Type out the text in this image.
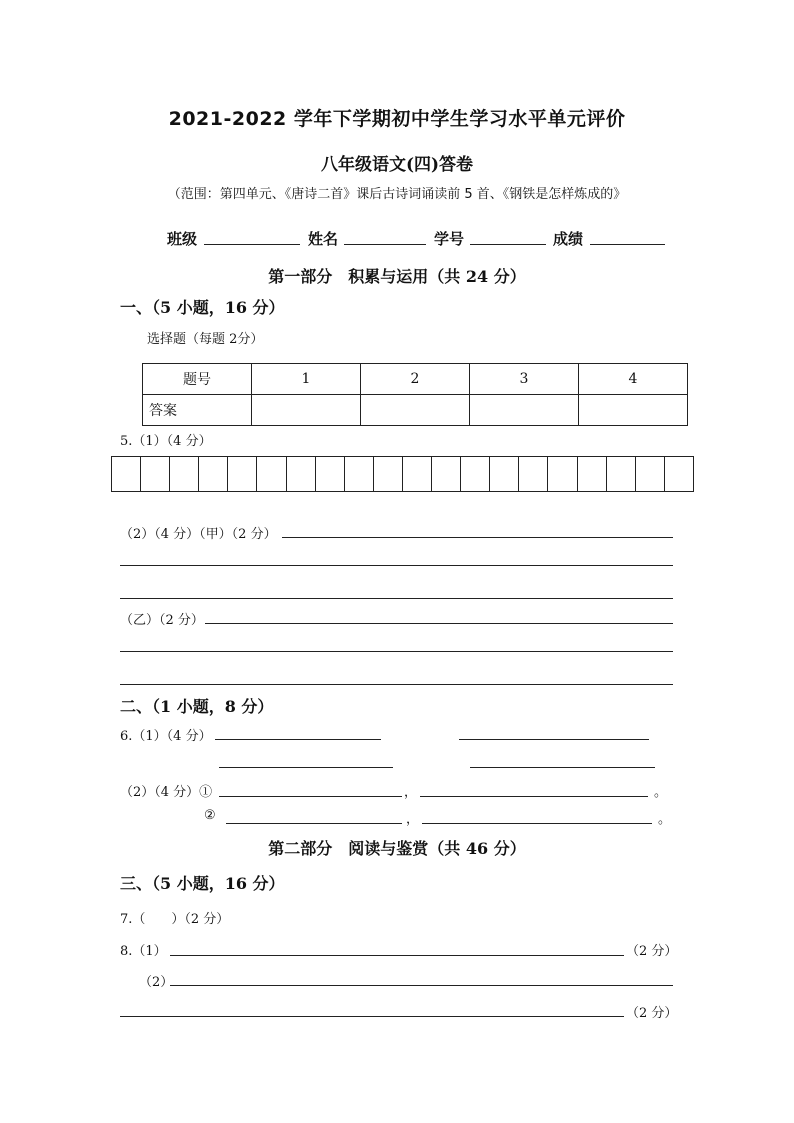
2021-2022 学年下学期初中学生学习水平单元评价
八年级语文(四)答卷
（范围：第四单元、《唐诗二首》课后古诗词诵读前 5 首、《钢铁是怎样炼成的》
班级	姓名	学号	成绩
第一部分　积累与运用（共 24 分）
一、（5 小题，16 分）
选择题（每题 2分）
题号	1	2	3	4
答案				
5.（1）（4 分）
（2）（4 分）（甲）（2 分）
（乙）（2 分）
二、（1 小题，8 分）
6.（1）（4 分）
（2）（4 分）①	，	。
②	，	。
第二部分　阅读与鉴赏（共 46 分）
三、（5 小题，16 分）
7.（　　）（2 分）
8.（1）	（2 分）
（2）
（2 分）
